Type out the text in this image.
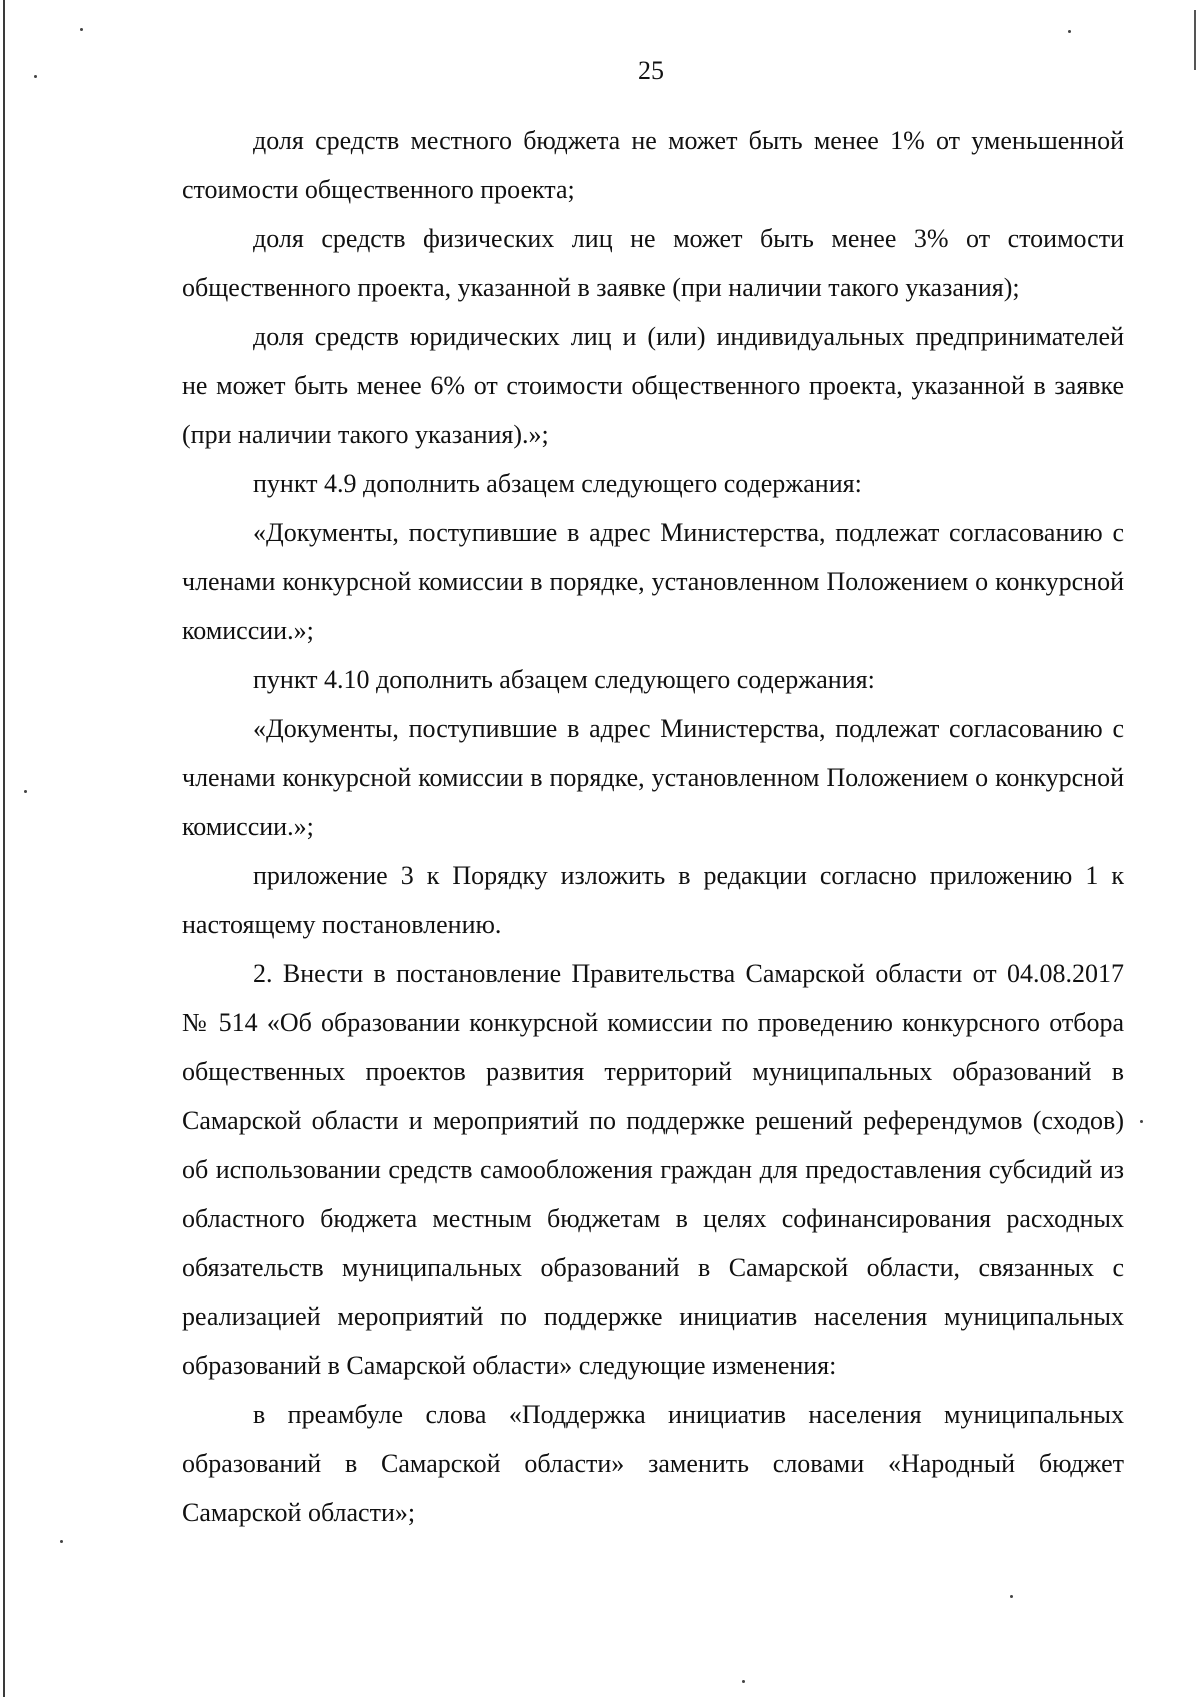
25

доля средств местного бюджета не может быть менее 1% от уменьшенной стоимости общественного проекта;

доля средств физических лиц не может быть менее 3% от стоимости общественного проекта, указанной в заявке (при наличии такого указания);

доля средств юридических лиц и (или) индивидуальных предпринимателей не может быть менее 6% от стоимости общественного проекта, указанной в заявке (при наличии такого указания).»;

пункт 4.9 дополнить абзацем следующего содержания:

«Документы, поступившие в адрес Министерства, подлежат согласованию с членами конкурсной комиссии в порядке, установленном Положением о конкурсной комиссии.»;

пункт 4.10 дополнить абзацем следующего содержания:

«Документы, поступившие в адрес Министерства, подлежат согласованию с членами конкурсной комиссии в порядке, установленном Положением о конкурсной комиссии.»;

приложение 3 к Порядку изложить в редакции согласно приложению 1 к настоящему постановлению.

2. Внести в постановление Правительства Самарской области от 04.08.2017 № 514 «Об образовании конкурсной комиссии по проведению конкурсного отбора общественных проектов развития территорий муниципальных образований в Самарской области и мероприятий по поддержке решений референдумов (сходов) об использовании средств самообложения граждан для предоставления субсидий из областного бюджета местным бюджетам в целях софинансирования расходных обязательств муниципальных образований в Самарской области, связанных с реализацией мероприятий по поддержке инициатив населения муниципальных образований в Самарской области» следующие изменения:

в преамбуле слова «Поддержка инициатив населения муниципальных образований в Самарской области» заменить словами «Народный бюджет Самарской области»;
